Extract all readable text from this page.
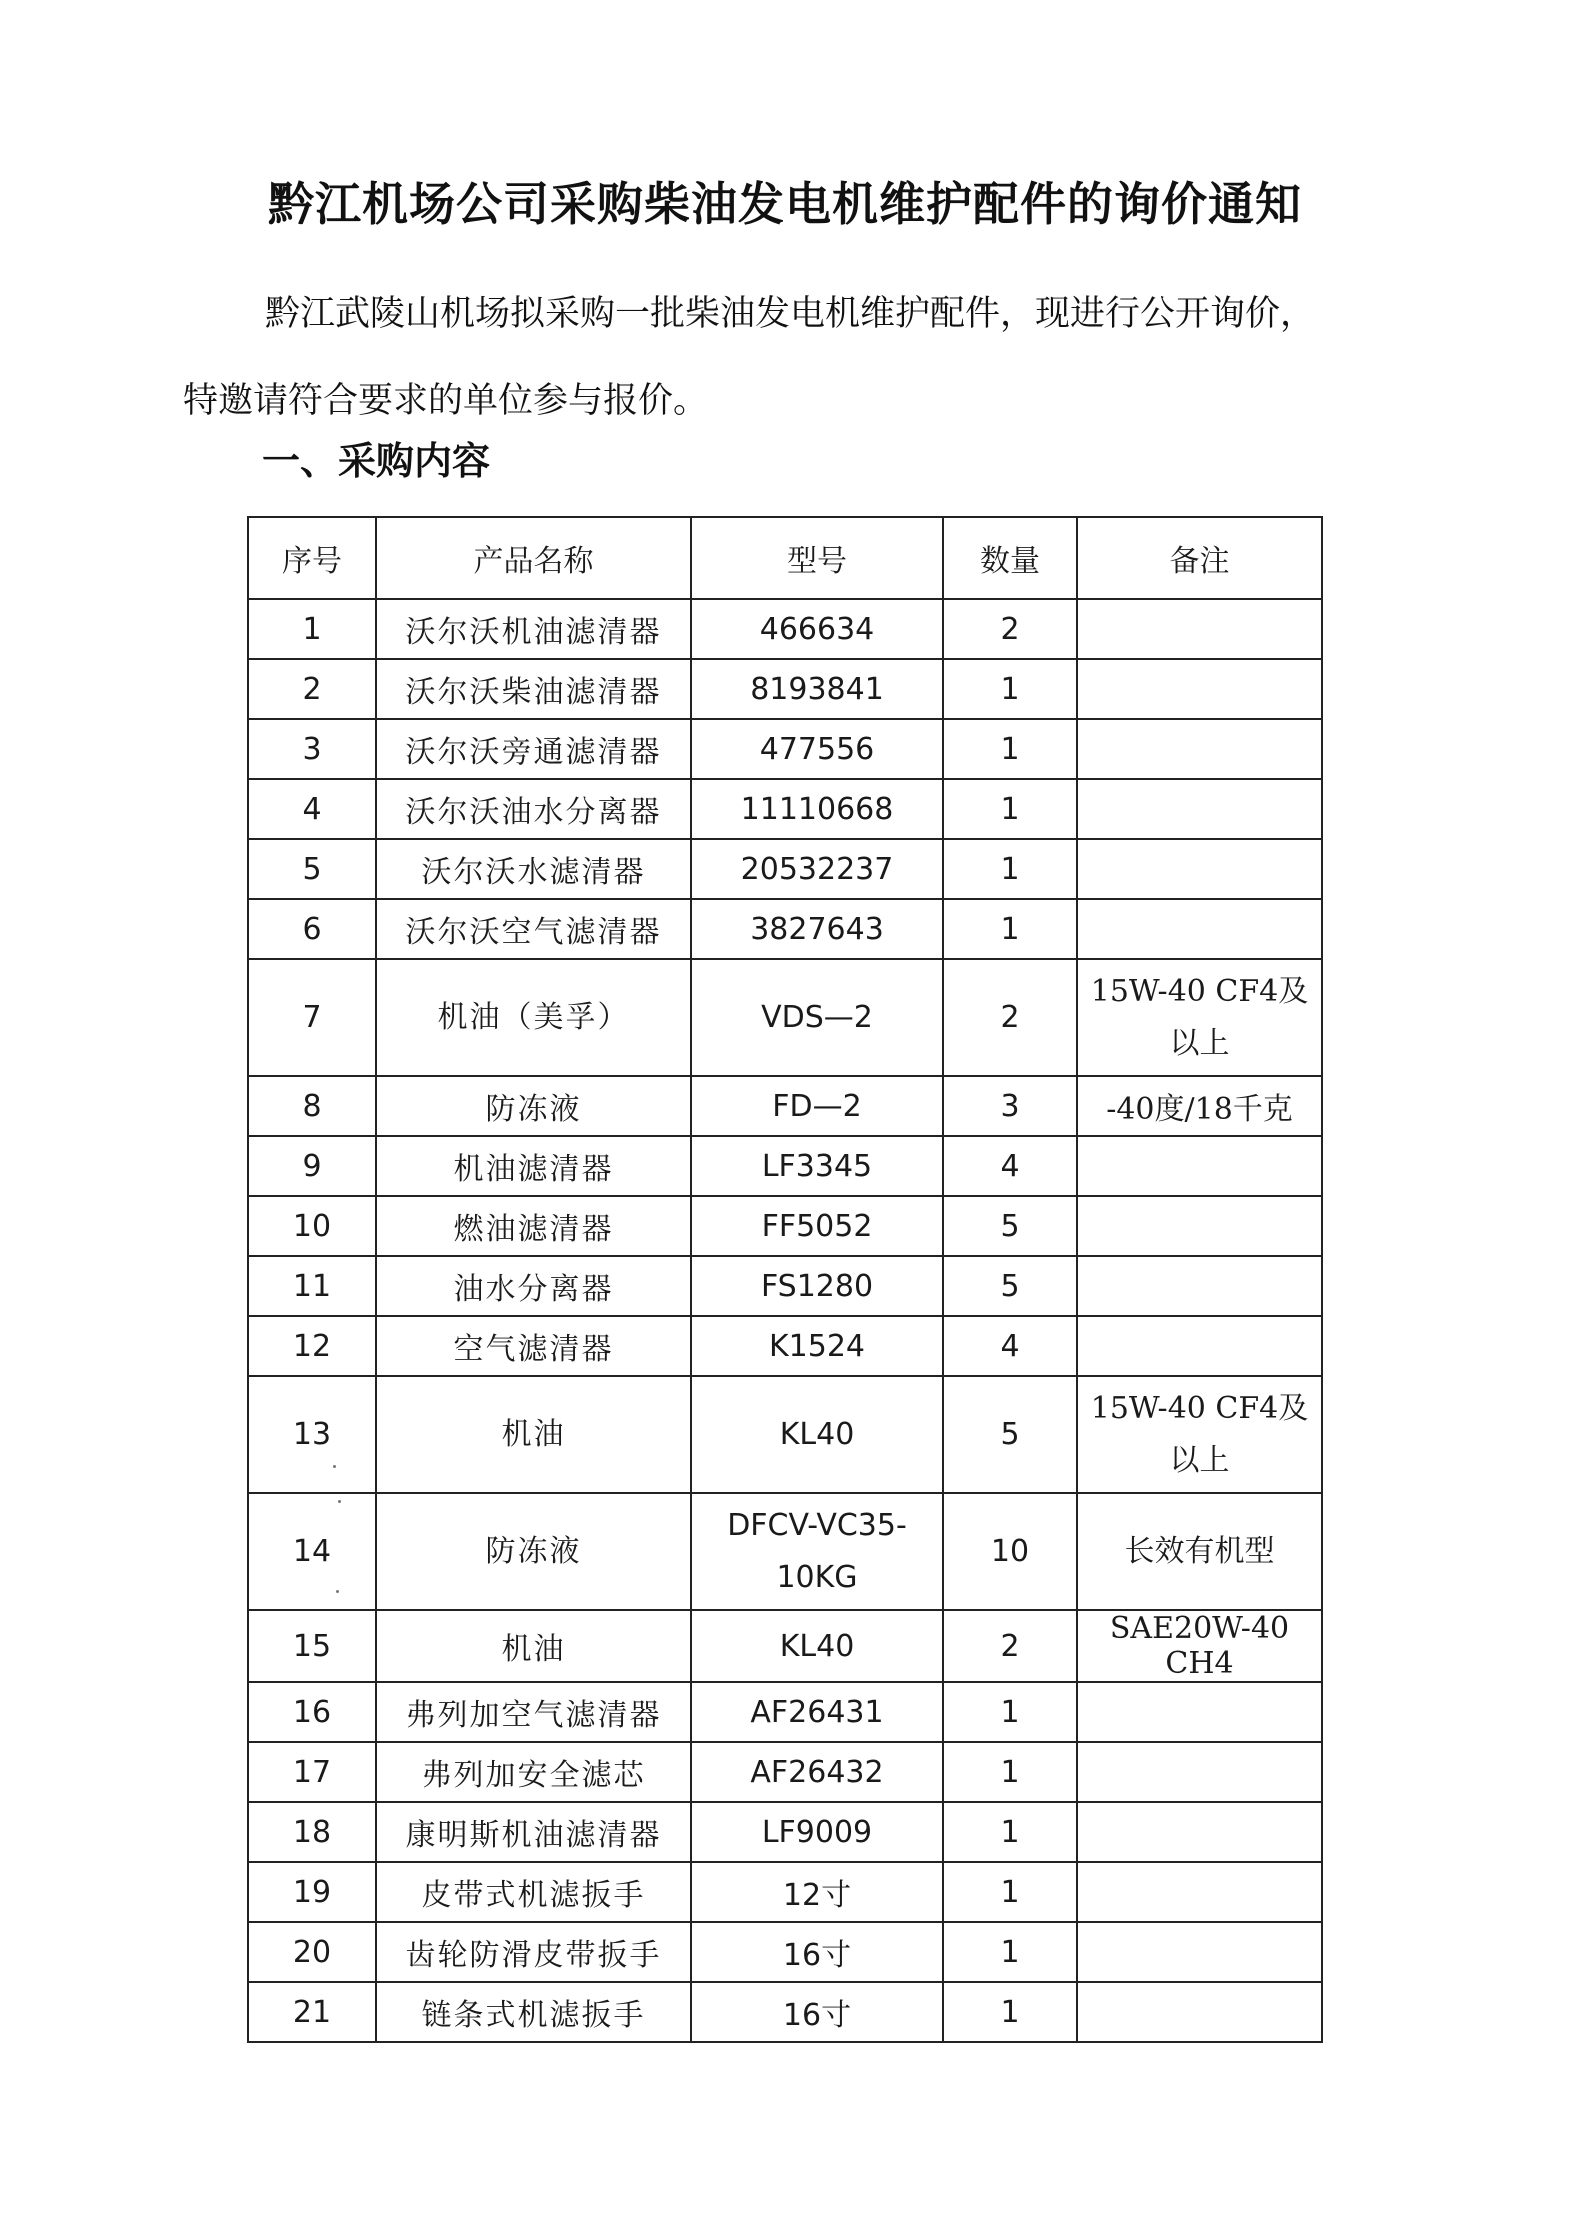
黔江机场公司采购柴油发电机维护配件的询价通知
黔江武陵山机场拟采购一批柴油发电机维护配件，现进行公开询价，
特邀请符合要求的单位参与报价。
一、采购内容
序号	产品名称	型号	数量	备注
1	沃尔沃机油滤清器	466634	2	
2	沃尔沃柴油滤清器	8193841	1	
3	沃尔沃旁通滤清器	477556	1	
4	沃尔沃油水分离器	11110668	1	
5	沃尔沃水滤清器	20532237	1	
6	沃尔沃空气滤清器	3827643	1	
7	机油（美孚）	VDS—2	2	15W-40 CF4及以上
8	防冻液	FD—2	3	-40度/18千克
9	机油滤清器	LF3345	4	
10	燃油滤清器	FF5052	5	
11	油水分离器	FS1280	5	
12	空气滤清器	K1524	4	
13	机油	KL40	5	15W-40 CF4及以上
14	防冻液	DFCV-VC35-10KG	10	长效有机型
15	机油	KL40	2	SAE20W-40 CH4
16	弗列加空气滤清器	AF26431	1	
17	弗列加安全滤芯	AF26432	1	
18	康明斯机油滤清器	LF9009	1	
19	皮带式机滤扳手	12寸	1	
20	齿轮防滑皮带扳手	16寸	1	
21	链条式机滤扳手	16寸	1	
